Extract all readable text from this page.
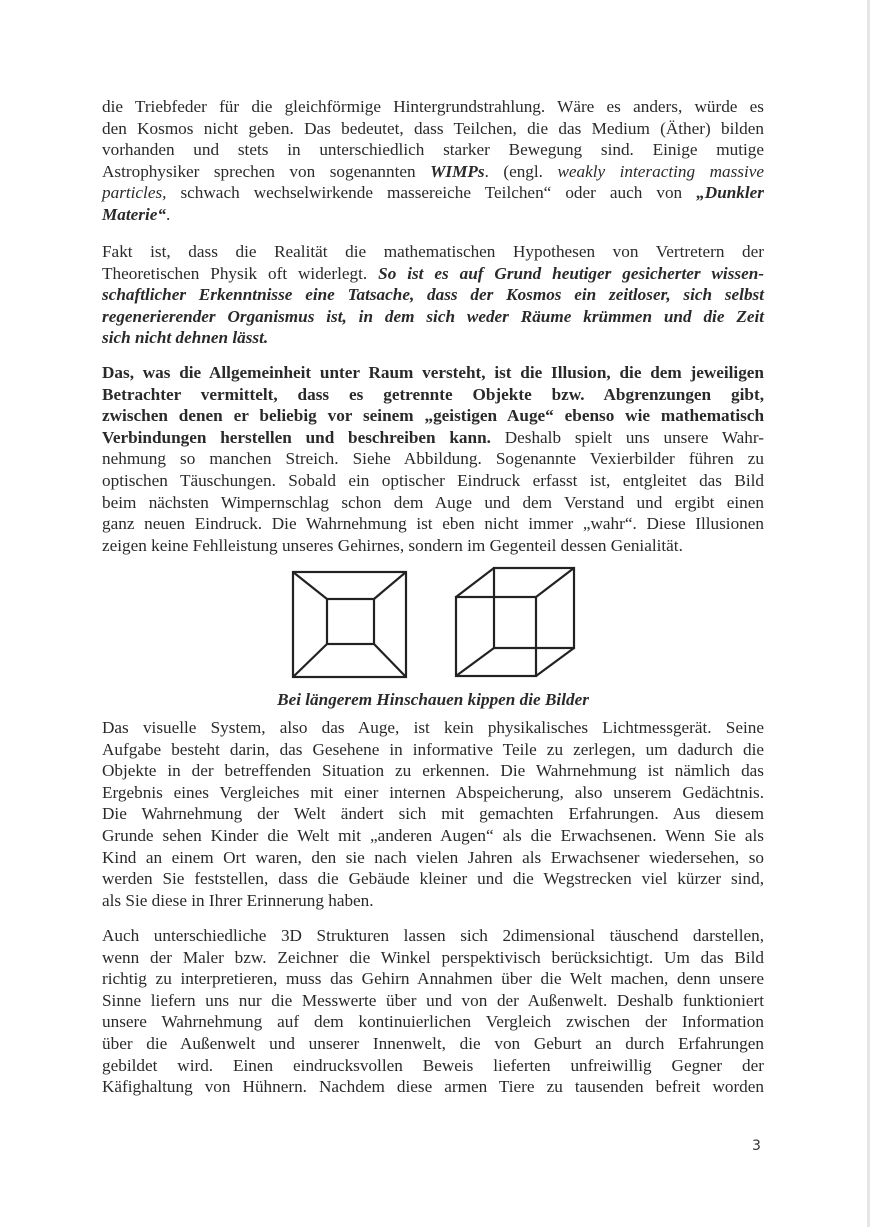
die Triebfeder für die gleichförmige Hintergrundstrahlung. Wäre es anders, würde es
den Kosmos nicht geben. Das bedeutet, dass Teilchen, die das Medium (Äther) bilden
vorhanden und stets in unterschiedlich starker Bewegung sind. Einige mutige
Astrophysiker sprechen von sogenannten WIMPs. (engl. weakly interacting massive
particles, schwach wechselwirkende massereiche Teilchen“ oder auch von „Dunkler
Materie“.
Fakt ist, dass die Realität die mathematischen Hypothesen von Vertretern der
Theoretischen Physik oft widerlegt. So ist es auf Grund heutiger gesicherter wissen-
schaftlicher Erkenntnisse eine Tatsache, dass der Kosmos ein zeitloser, sich selbst
regenerierender Organismus ist, in dem sich weder Räume krümmen und die Zeit
sich nicht dehnen lässt.
Das, was die Allgemeinheit unter Raum versteht, ist die Illusion, die dem jeweiligen
Betrachter vermittelt, dass es getrennte Objekte bzw. Abgrenzungen gibt,
zwischen denen er beliebig vor seinem „geistigen Auge“ ebenso wie mathematisch
Verbindungen herstellen und beschreiben kann. Deshalb spielt uns unsere Wahr-
nehmung so manchen Streich. Siehe Abbildung. Sogenannte Vexierbilder führen zu
optischen Täuschungen. Sobald ein optischer Eindruck erfasst ist, entgleitet das Bild
beim nächsten Wimpernschlag schon dem Auge und dem Verstand und ergibt einen
ganz neuen Eindruck. Die Wahrnehmung ist eben nicht immer „wahr“. Diese Illusionen
zeigen keine Fehlleistung unseres Gehirnes, sondern im Gegenteil dessen Genialität.
Bei längerem Hinschauen kippen die Bilder
Das visuelle System, also das Auge, ist kein physikalisches Lichtmessgerät. Seine
Aufgabe besteht darin, das Gesehene in informative Teile zu zerlegen, um dadurch die
Objekte in der betreffenden Situation zu erkennen. Die Wahrnehmung ist nämlich das
Ergebnis eines Vergleiches mit einer internen Abspeicherung, also unserem Gedächtnis.
Die Wahrnehmung der Welt ändert sich mit gemachten Erfahrungen. Aus diesem
Grunde sehen Kinder die Welt mit „anderen Augen“ als die Erwachsenen. Wenn Sie als
Kind an einem Ort waren, den sie nach vielen Jahren als Erwachsener wiedersehen, so
werden Sie feststellen, dass die Gebäude kleiner und die Wegstrecken viel kürzer sind,
als Sie diese in Ihrer Erinnerung haben.
Auch unterschiedliche 3D Strukturen lassen sich 2dimensional täuschend darstellen,
wenn der Maler bzw. Zeichner die Winkel perspektivisch berücksichtigt. Um das Bild
richtig zu interpretieren, muss das Gehirn Annahmen über die Welt machen, denn unsere
Sinne liefern uns nur die Messwerte über und von der Außenwelt. Deshalb funktioniert
unsere Wahrnehmung auf dem kontinuierlichen Vergleich zwischen der Information
über die Außenwelt und unserer Innenwelt, die von Geburt an durch Erfahrungen
gebildet wird. Einen eindrucksvollen Beweis lieferten unfreiwillig Gegner der
Käfighaltung von Hühnern. Nachdem diese armen Tiere zu tausenden befreit worden
3
